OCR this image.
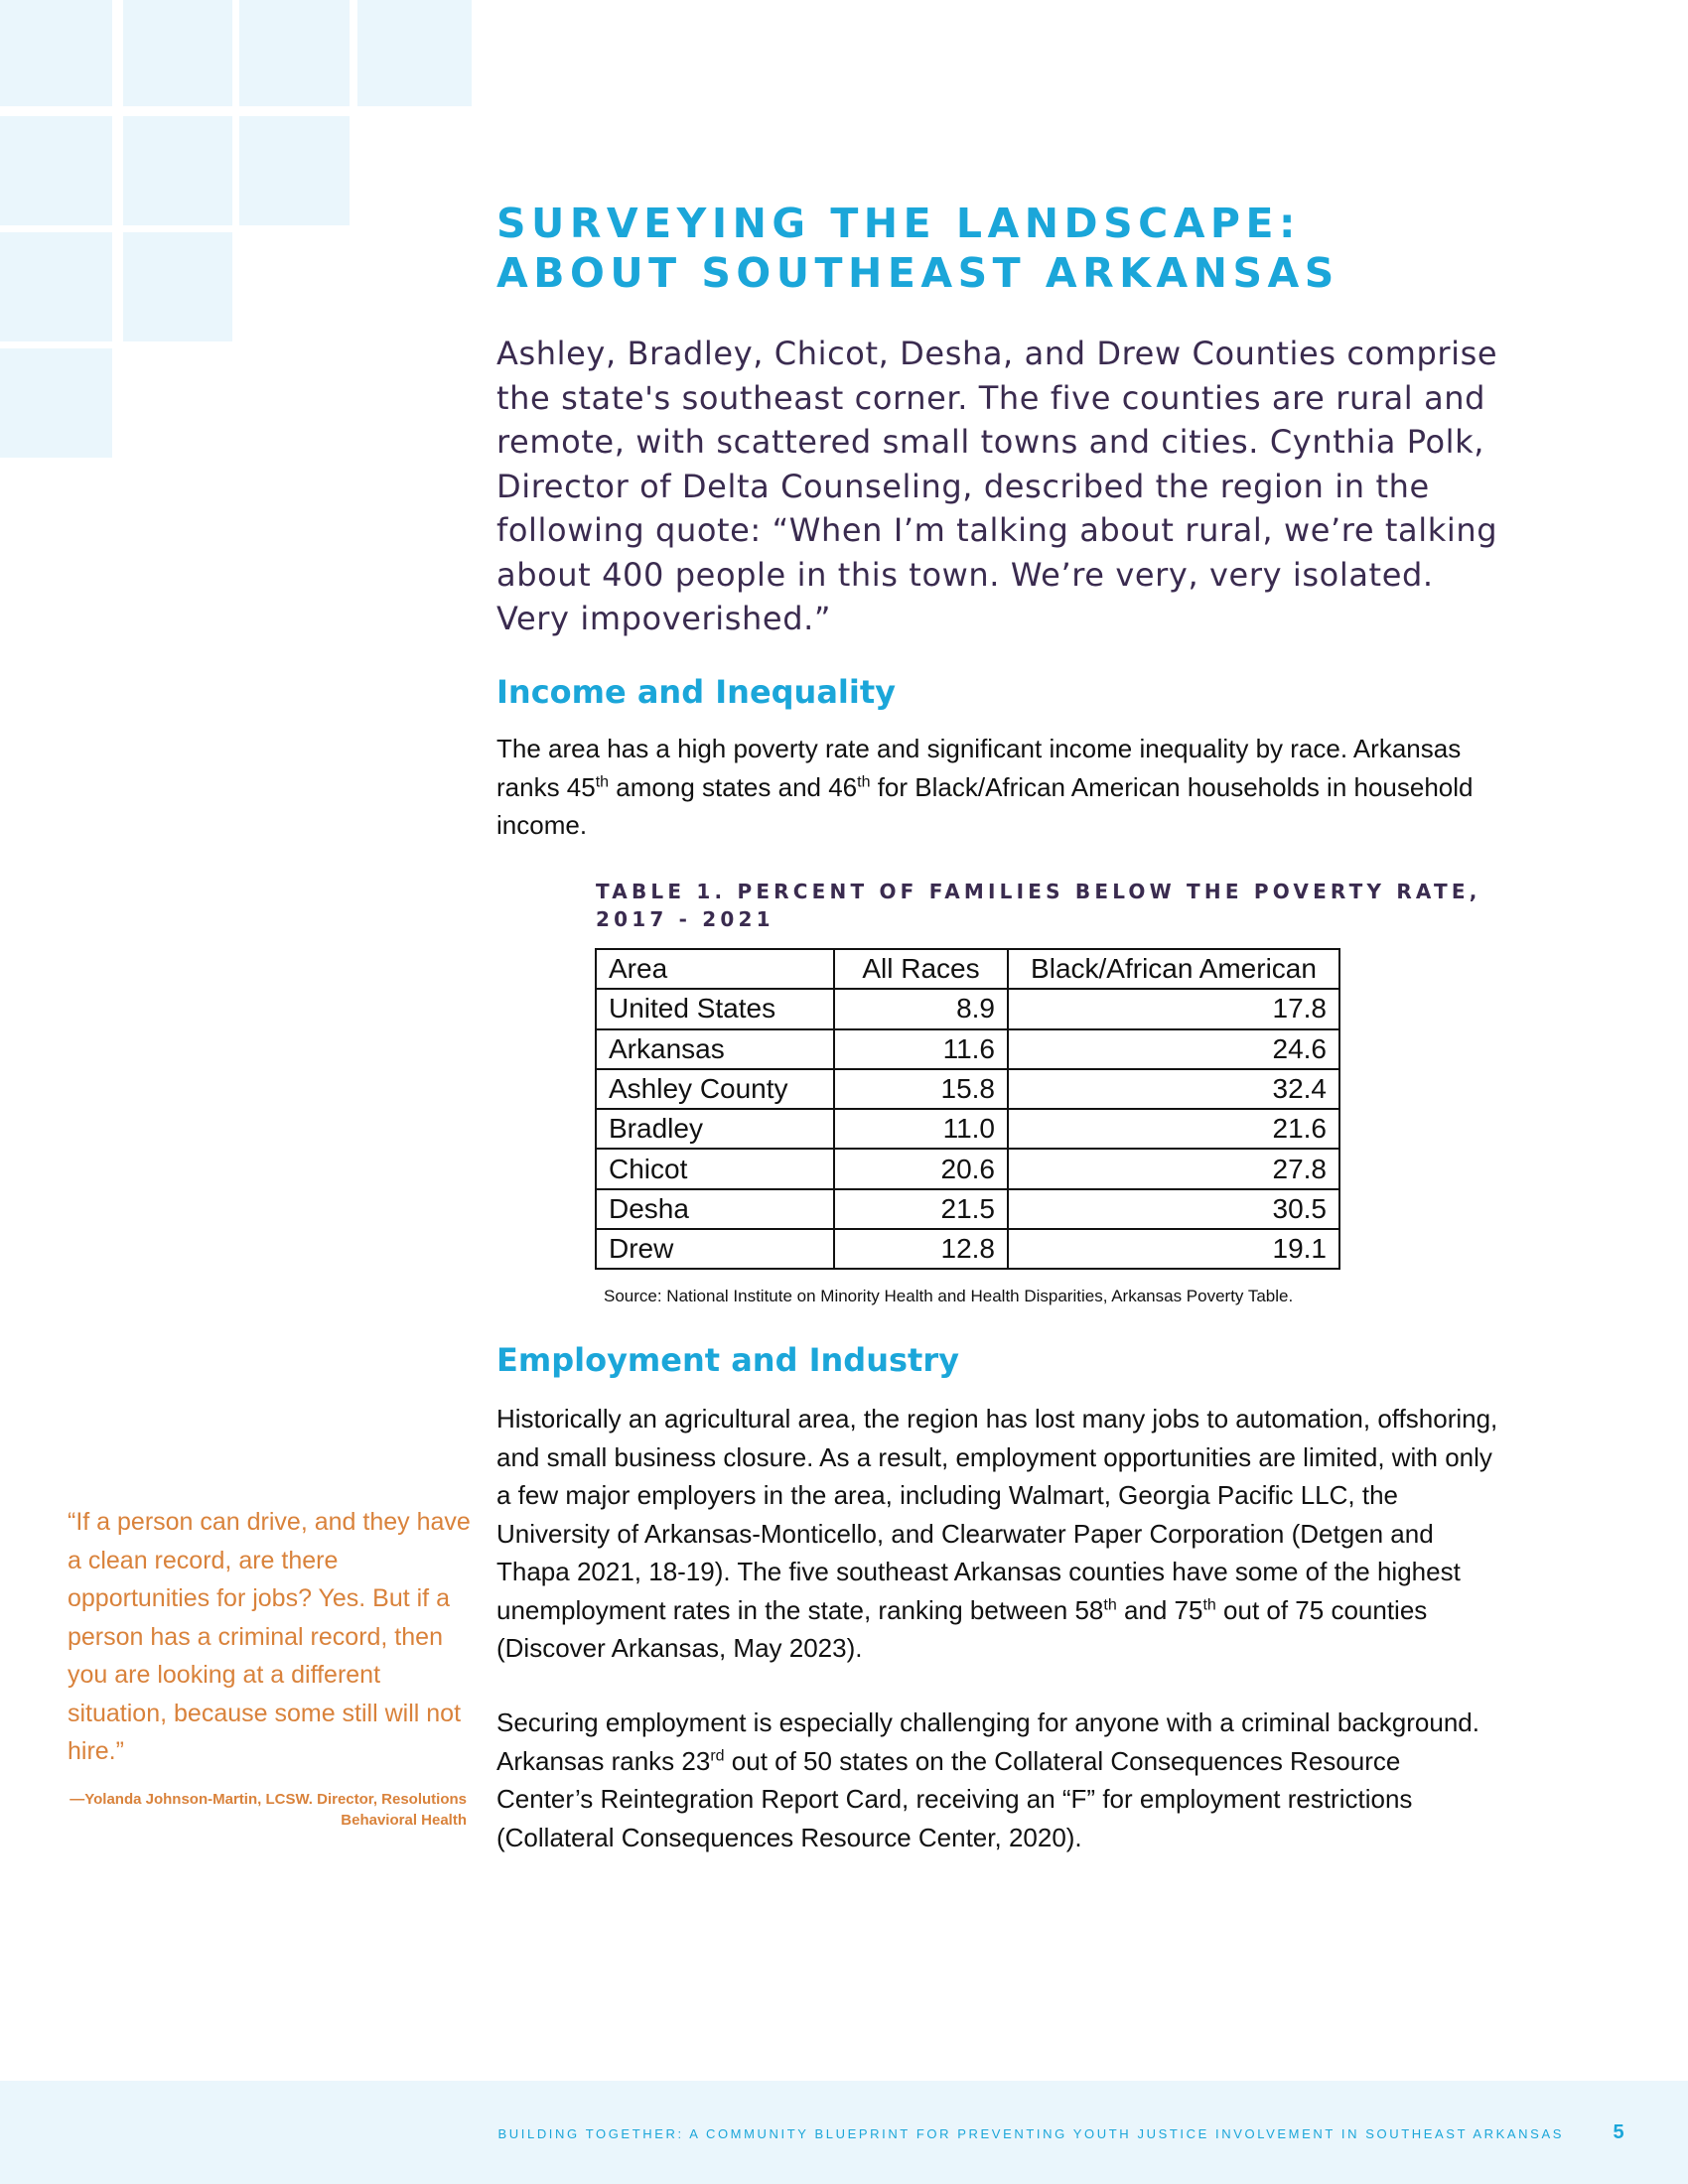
SURVEYING THE LANDSCAPE: ABOUT SOUTHEAST ARKANSAS

Ashley, Bradley, Chicot, Desha, and Drew Counties comprise the state's southeast corner. The five counties are rural and remote, with scattered small towns and cities. Cynthia Polk, Director of Delta Counseling, described the region in the following quote: “When I’m talking about rural, we’re talking about 400 people in this town. We’re very, very isolated. Very impoverished.”

Income and Inequality

The area has a high poverty rate and significant income inequality by race. Arkansas ranks 45th among states and 46th for Black/African American households in household income.

TABLE 1. PERCENT OF FAMILIES BELOW THE POVERTY RATE, 2017 - 2021
Area	All Races	Black/African American
United States	8.9	17.8
Arkansas	11.6	24.6
Ashley County	15.8	32.4
Bradley	11.0	21.6
Chicot	20.6	27.8
Desha	21.5	30.5
Drew	12.8	19.1
Source: National Institute on Minority Health and Health Disparities, Arkansas Poverty Table.
Employment and Industry

Historically an agricultural area, the region has lost many jobs to automation, offshoring, and small business closure. As a result, employment opportunities are limited, with only a few major employers in the area, including Walmart, Georgia Pacific LLC, the University of Arkansas-Monticello, and Clearwater Paper Corporation (Detgen and Thapa 2021, 18-19). The five southeast Arkansas counties have some of the highest unemployment rates in the state, ranking between 58th and 75th out of 75 counties (Discover Arkansas, May 2023).

Securing employment is especially challenging for anyone with a criminal background. Arkansas ranks 23rd out of 50 states on the Collateral Consequences Resource Center’s Reintegration Report Card, receiving an “F” for employment restrictions (Collateral Consequences Resource Center, 2020).

“If a person can drive, and they have a clean record, are there opportunities for jobs? Yes. But if a person has a criminal record, then you are looking at a different situation, because some still will not hire.”
—Yolanda Johnson-Martin, LCSW. Director, Resolutions Behavioral Health
BUILDING TOGETHER: A COMMUNITY BLUEPRINT FOR PREVENTING YOUTH JUSTICE INVOLVEMENT IN SOUTHEAST ARKANSAS	5
